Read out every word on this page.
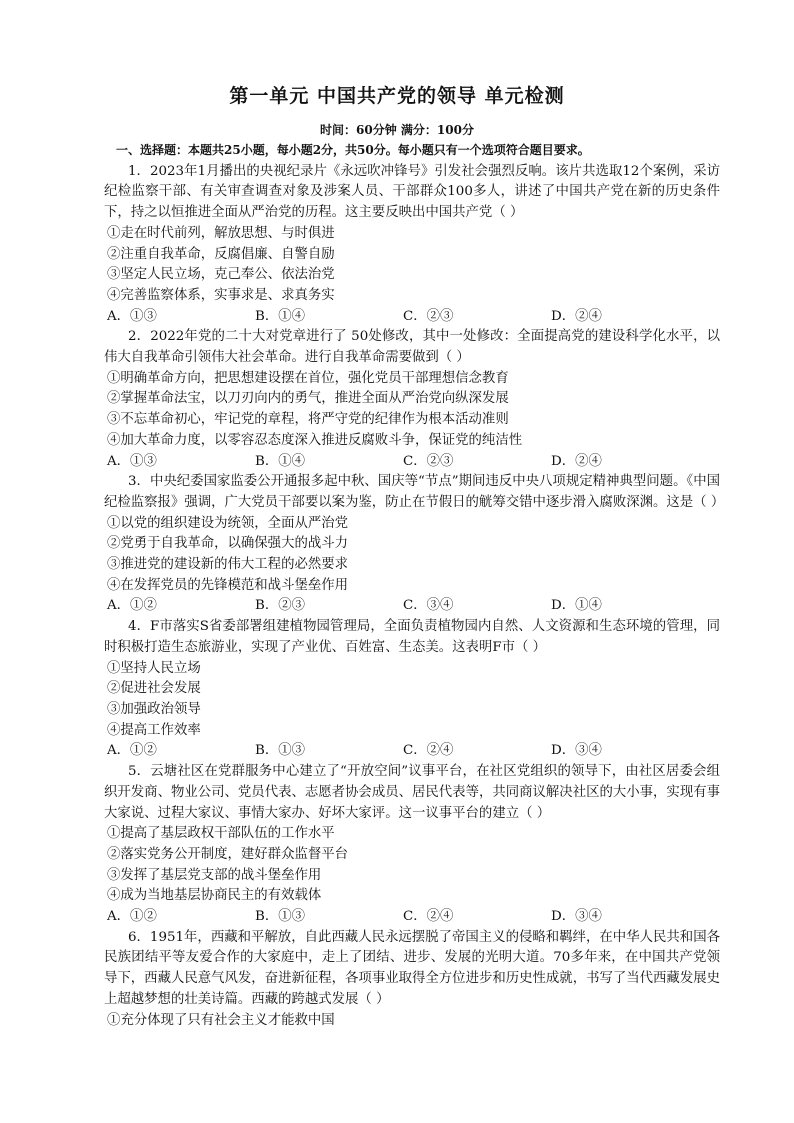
第一单元 中国共产党的领导 单元检测
时间：60分钟 满分：100分
一、选择题：本题共25小题，每小题2分，共50分。每小题只有一个选项符合题目要求。
1．2023年1月播出的央视纪录片《永远吹冲锋号》引发社会强烈反响。该片共选取12个案例，采访纪检监察干部、有关审查调查对象及涉案人员、干部群众100多人，讲述了中国共产党在新的历史条件下，持之以恒推进全面从严治党的历程。这主要反映出中国共产党（ ）
①走在时代前列，解放思想、与时俱进
②注重自我革命，反腐倡廉、自警自励
③坚定人民立场，克己奉公、依法治党
④完善监察体系，实事求是、求真务实
A．①③	B．①④	C．②③	D．②④
2．2022年党的二十大对党章进行了 50处修改，其中一处修改：全面提高党的建设科学化水平，以伟大自我革命引领伟大社会革命。进行自我革命需要做到（ ）
①明确革命方向，把思想建设摆在首位，强化党员干部理想信念教育
②掌握革命法宝，以刀刃向内的勇气，推进全面从严治党向纵深发展
③不忘革命初心，牢记党的章程，将严守党的纪律作为根本活动准则
④加大革命力度，以零容忍态度深入推进反腐败斗争，保证党的纯洁性
A．①③	B．①④	C．②③	D．②④
3．中央纪委国家监委公开通报多起中秋、国庆等“节点”期间违反中央八项规定精神典型问题。《中国纪检监察报》强调，广大党员干部要以案为鉴，防止在节假日的觥筹交错中逐步滑入腐败深渊。这是（ ）
①以党的组织建设为统领，全面从严治党
②党勇于自我革命，以确保强大的战斗力
③推进党的建设新的伟大工程的必然要求
④在发挥党员的先锋模范和战斗堡垒作用
A．①②	B．②③	C．③④	D．①④
4．F市落实S省委部署组建植物园管理局，全面负责植物园内自然、人文资源和生态环境的管理，同时积极打造生态旅游业，实现了产业优、百姓富、生态美。这表明F市（ ）
①坚持人民立场
②促进社会发展
③加强政治领导
④提高工作效率
A．①②	B．①③	C．②④	D．③④
5．云塘社区在党群服务中心建立了“开放空间”议事平台，在社区党组织的领导下，由社区居委会组织开发商、物业公司、党员代表、志愿者协会成员、居民代表等，共同商议解决社区的大小事，实现有事大家说、过程大家议、事情大家办、好坏大家评。这一议事平台的建立（ ）
①提高了基层政权干部队伍的工作水平
②落实党务公开制度，建好群众监督平台
③发挥了基层党支部的战斗堡垒作用
④成为当地基层协商民主的有效载体
A．①②	B．①③	C．②④	D．③④
6．1951年，西藏和平解放，自此西藏人民永远摆脱了帝国主义的侵略和羁绊，在中华人民共和国各民族团结平等友爱合作的大家庭中，走上了团结、进步、发展的光明大道。70多年来，在中国共产党领导下，西藏人民意气风发，奋进新征程，各项事业取得全方位进步和历史性成就，书写了当代西藏发展史上超越梦想的壮美诗篇。西藏的跨越式发展（ ）
①充分体现了只有社会主义才能救中国
